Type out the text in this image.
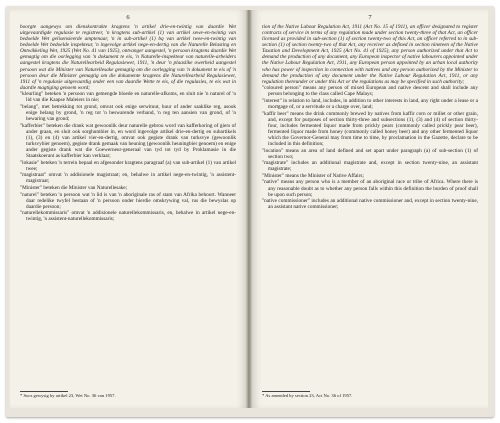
6

boorgte aangewys om dienskontrakte kragtens 'n artikel drie-en-twintig van daardie Wet uitgevaardigde regulasie te registreer, 'n kragtens sub-artikel (1) van artikel sewe-en-twintig van bedoelde Wet gelisensieerde amptenaar, 'n in sub-artikel (1) bq van artikel twee-en-twintig van bedoelde Wet bedoelde inspekteur, 'n ingevolge artikel nege-en-dertig van die Naturelle Belasting en Ontwikkeling Wet, 1925 (Wet No. 41 van 1925), ontvanger aangestel, 'n persoon kragtens daardie Wet gemagtig om die oorlegging van 'n dokument te eis, 'n Naturelle-inspekteur van naturelle-arbeiders aangestel kragtens die Naturellearbeid Regulasiewet, 1911, 'n deur 'n plaaslike owerheid aangestel persoon wat die Minister van Naturellesake gemagtig om die oorlegging van 'n dokument te eis of 'n persoon deur die Minister gemagtig om die dokumente kragtens die Naturellearbeid Regulasiewet, 1911 of 'n regulasie uitgevaardig onder een van daardie Wette te eis, of die regulasies, te eis wat in daardie magtiging genoem word;

"kleurling" beteken 'n persoon van gemengde bloede en naturelle-afkoms, en sluit nie 'n naturel of 'n lid van die Kaapse Maleiers in nie;

"belang", met betrekking tot grond, omvat ook enige serwituut, huur of ander saaklike reg, asook enige belang by grond, 'n reg tot 'n beswarende verband, 'n reg ten aansien van grond, of 'n bewaring van grond;

"kafferbier" beteken die drank wat gewoonlik deur naturelle gebrou word van kafferkoring of giers of ander graan, en sluit ook sorghumbier in, en word ingevolge artikel drie-en-dertig en subartikels (1), (3) en (4) van artikel vier-en-dertig, omvat ook gegiste drank van turksvye (gewoonlik turksvybier genoem), gegiste drank gemaak van heuning (gewoonlik heuningbier genoem) en enige ander gegiste drank wat die Goewerneur-generaal van tyd tot tyd by Proklamasie in die Staatskoerant as kafferbier kan verklaar;

"lokasie" beteken 'n terrein bepaal en afgesonder kragtens paragraaf (a) van sub-artikel (1) van artikel twee;

"magistraat" omvat 'n addisionele magistraat; en, behalwe in artikel nege-en-twintig, 'n assistent-magistraat;

"Minister" beteken die Minister van Naturellesake;

"naturel" beteken 'n persoon wat 'n lid is van 'n aboriginale ras of stam van Afrika behoort. Wanneer daar redelike twyfel bestaan of 'n persoon onder hierdie omskrywing val, rus die bewyslas op daardie persoon;

"naturellekommissaris" omvat 'n addisionele naturellekommissaris, en, behalwe in artikel nege-en-twintig, 'n assistent-naturellekommissaris;

* Soos gewysig by artikel 23, Wet No. 36 van 1957.
7

tion of the Native Labour Regulation Act, 1911 (Act No. 15 of 1911), an officer designated to register contracts of service in terms of any regulation made under section twenty-three of that Act, an officer licensed as provided in sub-section (1) of section twenty-two of this Act, an officer referred to in sub-section (1) of section twenty-two of that Act, any receiver as defined in section nineteen of the Native Taxation and Development Act, 1925 (Act No. 41 of 1925), any person authorized under that Act to demand the production of any document, any European inspector of native labourers appointed under the Native Labour Regulation Act, 1911, any European person appointed by an urban local authority who has power of inspection in connection with natives and any person authorized by the Minister to demand the production of any document under the Native Labour Regulation Act, 1911, or any regulation thereunder or under this Act or the regulations as may be specified in such authority;

"coloured person" means any person of mixed European and native descent and shall include any person belonging to the class called Cape Malays;

"interest" in relation to land, includes, in addition to other interests in land, any right under a lease or a mortgage of, or a servitude or a charge over, land;

"kaffir beer" means the drink commonly brewed by natives from kaffir corn or millet or other grain, and, except for purposes of section thirty-three and subsections (1), (3) and (4) of section thirty-four, includes fermented liquor made from prickly pears (commonly called prickly pear beer), fermented liquor made from honey (commonly called honey beer) and any other fermented liquor which the Governor-General may from time to time, by proclamation in the Gazette, declare to be included in this definition;

"location" means an area of land defined and set apart under paragraph (a) of sub-section (1) of section two;

"magistrate" includes an additional magistrate and, except in section twenty-nine, an assistant magistrate;

"Minister" means the Minister of Native Affairs;

"native" means any person who is a member of an aboriginal race or tribe of Africa. Where there is any reasonable doubt as to whether any person falls within this definition the burden of proof shall be upon such person;

"native commissioner" includes an additional native commissioner and, except in section twenty-nine, an assistant native commissioner;

* As amended by section 23, Act No. 36 of 1957.
